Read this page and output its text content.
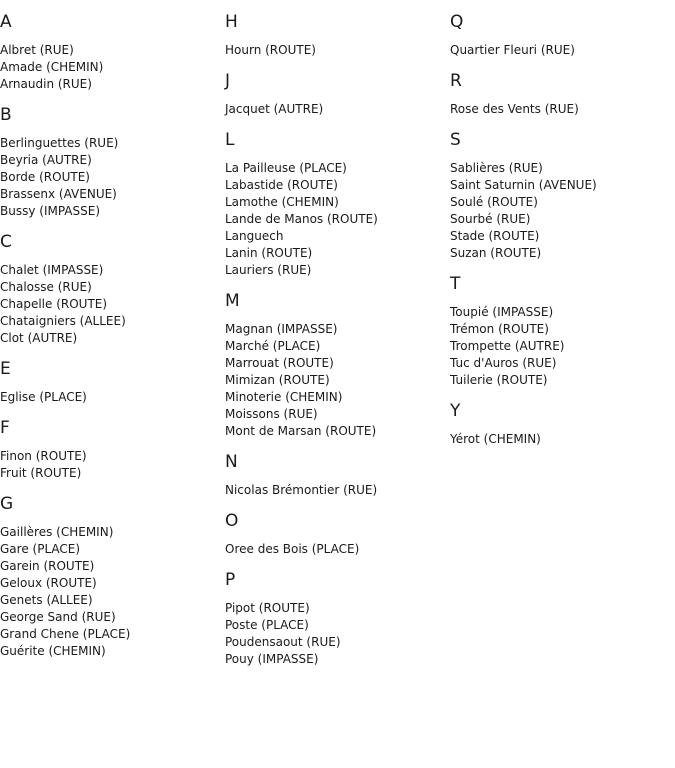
A
Albret (RUE)
Amade (CHEMIN)
Arnaudin (RUE)
B
Berlinguettes (RUE)
Beyria (AUTRE)
Borde (ROUTE)
Brassenx (AVENUE)
Bussy (IMPASSE)
C
Chalet (IMPASSE)
Chalosse (RUE)
Chapelle (ROUTE)
Chataigniers (ALLEE)
Clot (AUTRE)
E
Eglise (PLACE)
F
Finon (ROUTE)
Fruit (ROUTE)
G
Gaillères (CHEMIN)
Gare (PLACE)
Garein (ROUTE)
Geloux (ROUTE)
Genets (ALLEE)
George Sand (RUE)
Grand Chene (PLACE)
Guérite (CHEMIN)
H
Hourn (ROUTE)
J
Jacquet (AUTRE)
L
La Pailleuse (PLACE)
Labastide (ROUTE)
Lamothe (CHEMIN)
Lande de Manos (ROUTE)
Languech
Lanin (ROUTE)
Lauriers (RUE)
M
Magnan (IMPASSE)
Marché (PLACE)
Marrouat (ROUTE)
Mimizan (ROUTE)
Minoterie (CHEMIN)
Moissons (RUE)
Mont de Marsan (ROUTE)
N
Nicolas Brémontier (RUE)
O
Oree des Bois (PLACE)
P
Pipot (ROUTE)
Poste (PLACE)
Poudensaout (RUE)
Pouy (IMPASSE)
Q
Quartier Fleuri (RUE)
R
Rose des Vents (RUE)
S
Sablières (RUE)
Saint Saturnin (AVENUE)
Soulé (ROUTE)
Sourbé (RUE)
Stade (ROUTE)
Suzan (ROUTE)
T
Toupié (IMPASSE)
Trémon (ROUTE)
Trompette (AUTRE)
Tuc d'Auros (RUE)
Tuilerie (ROUTE)
Y
Yérot (CHEMIN)
